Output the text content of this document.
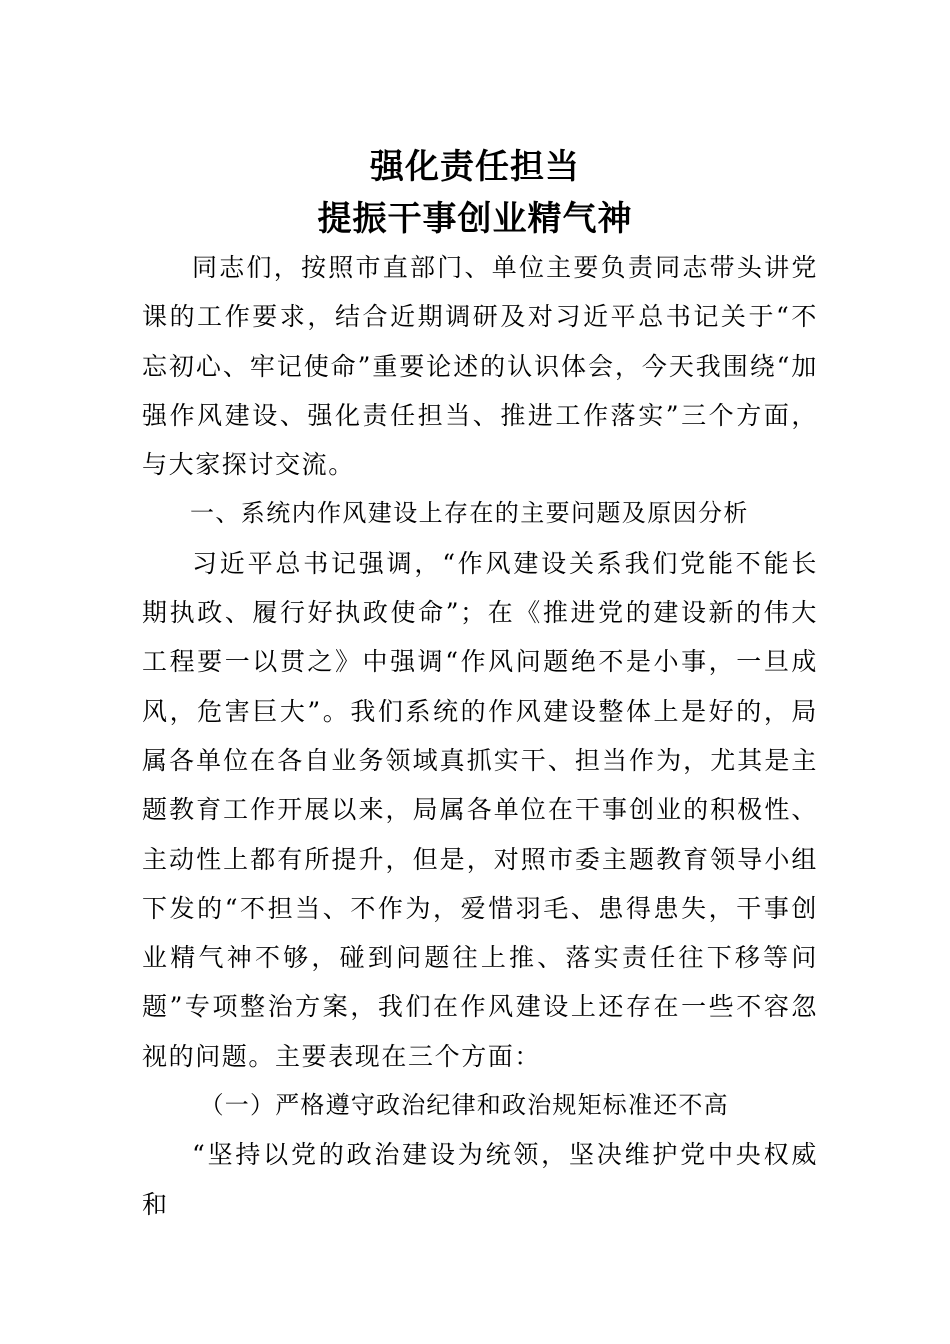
强化责任担当
提振干事创业精气神

同志们，按照市直部门、单位主要负责同志带头讲党课的工作要求，结合近期调研及对习近平总书记关于“不忘初心、牢记使命”重要论述的认识体会，今天我围绕“加强作风建设、强化责任担当、推进工作落实”三个方面，与大家探讨交流。

一、系统内作风建设上存在的主要问题及原因分析

习近平总书记强调，“作风建设关系我们党能不能长期执政、履行好执政使命”；在《推进党的建设新的伟大工程要一以贯之》中强调“作风问题绝不是小事，一旦成风，危害巨大”。我们系统的作风建设整体上是好的，局属各单位在各自业务领域真抓实干、担当作为，尤其是主题教育工作开展以来，局属各单位在干事创业的积极性、主动性上都有所提升，但是，对照市委主题教育领导小组下发的“不担当、不作为，爱惜羽毛、患得患失，干事创业精气神不够，碰到问题往上推、落实责任往下移等问题”专项整治方案，我们在作风建设上还存在一些不容忽视的问题。主要表现在三个方面：

（一）严格遵守政治纪律和政治规矩标准还不高

“坚持以党的政治建设为统领，坚决维护党中央权威和
